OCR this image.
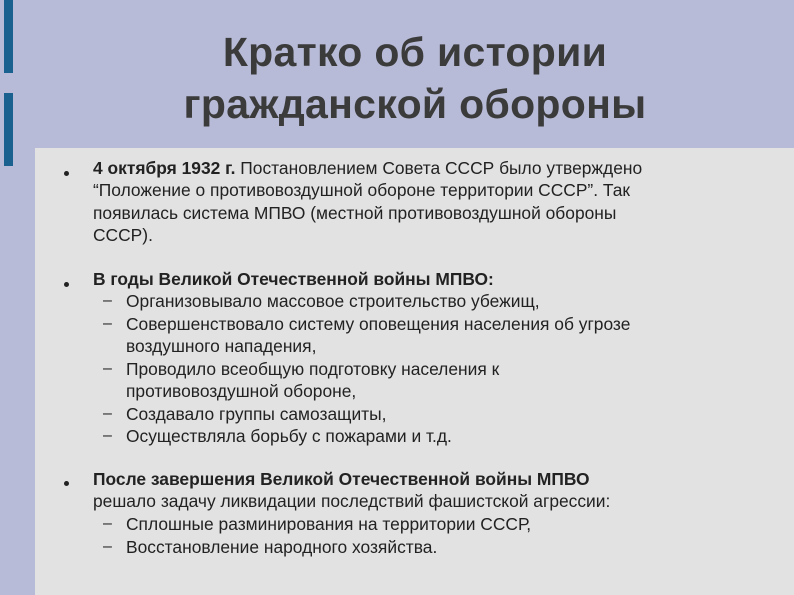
Кратко об истории
гражданской обороны
4 октября 1932 г. Постановлением Совета СССР было утверждено
“Положение о противовоздушной обороне территории СССР”. Так
появилась система МПВО (местной противовоздушной обороны
СССР).
В годы Великой Отечественной войны МПВО:
– Организовывало массовое строительство убежищ,
– Совершенствовало систему оповещения населения об угрозе
воздушного нападения,
– Проводило всеобщую подготовку населения к
противовоздушной обороне,
– Создавало группы самозащиты,
– Осуществляла борьбу с пожарами и т.д.
После завершения Великой Отечественной войны МПВО
решало задачу ликвидации последствий фашистской агрессии:
– Сплошные разминирования на территории СССР,
– Восстановление народного хозяйства.
